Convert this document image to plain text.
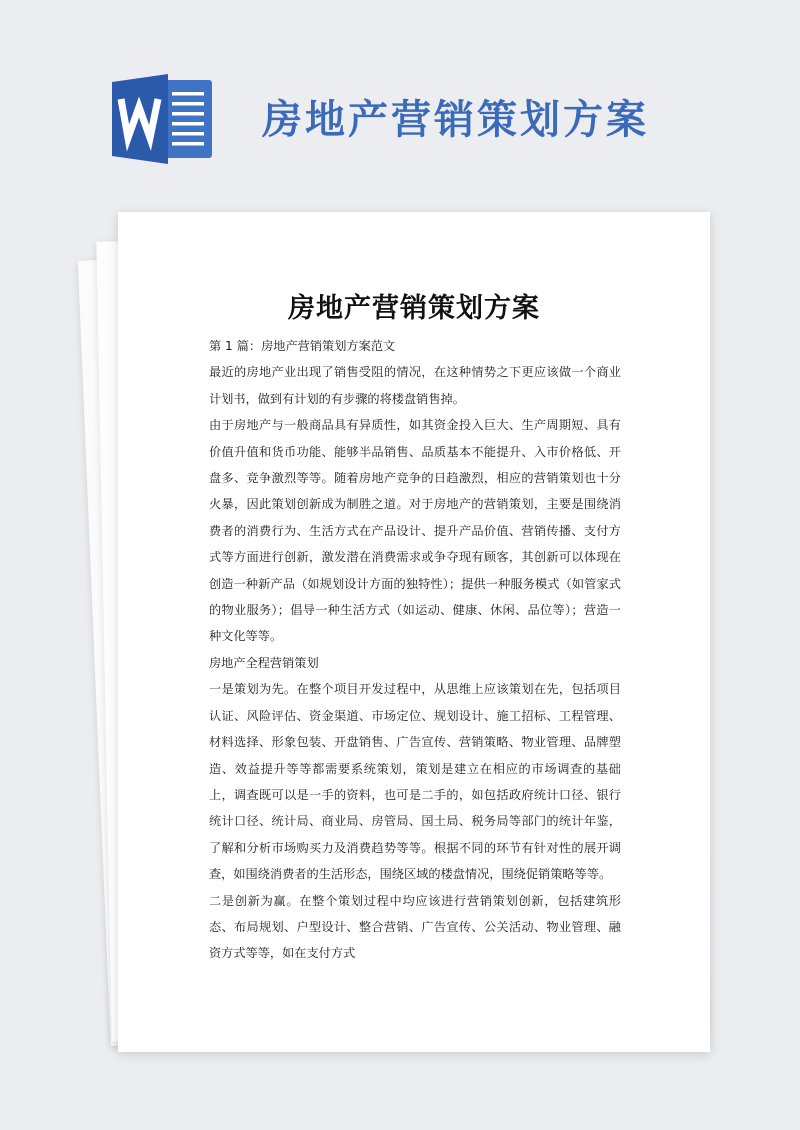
房地产营销策划方案
房地产营销策划方案

第 1 篇：房地产营销策划方案范文

最近的房地产业出现了销售受阻的情况，在这种情势之下更应该做一个商业计划书，做到有计划的有步骤的将楼盘销售掉。

由于房地产与一般商品具有异质性，如其资金投入巨大、生产周期短、具有价值升值和货币功能、能够半品销售、品质基本不能提升、入市价格低、开盘多、竞争激烈等等。随着房地产竞争的日趋激烈，相应的营销策划也十分火暴，因此策划创新成为制胜之道。对于房地产的营销策划，主要是围绕消费者的消费行为、生活方式在产品设计、提升产品价值、营销传播、支付方式等方面进行创新，激发潜在消费需求或争夺现有顾客，其创新可以体现在创造一种新产品（如规划设计方面的独特性）；提供一种服务模式（如管家式的物业服务）；倡导一种生活方式（如运动、健康、休闲、品位等）；营造一种文化等等。

房地产全程营销策划

一是策划为先。在整个项目开发过程中，从思维上应该策划在先，包括项目认证、风险评估、资金渠道、市场定位、规划设计、施工招标、工程管理、材料选择、形象包装、开盘销售、广告宣传、营销策略、物业管理、品牌塑造、效益提升等等都需要系统策划，策划是建立在相应的市场调查的基础上，调查既可以是一手的资料，也可是二手的，如包括政府统计口径、银行统计口径、统计局、商业局、房管局、国土局、税务局等部门的统计年鉴，了解和分析市场购买力及消费趋势等等。根据不同的环节有针对性的展开调查，如围绕消费者的生活形态，围绕区域的楼盘情况，围绕促销策略等等。

二是创新为赢。在整个策划过程中均应该进行营销策划创新，包括建筑形态、布局规划、户型设计、整合营销、广告宣传、公关活动、物业管理、融资方式等等，如在支付方式
